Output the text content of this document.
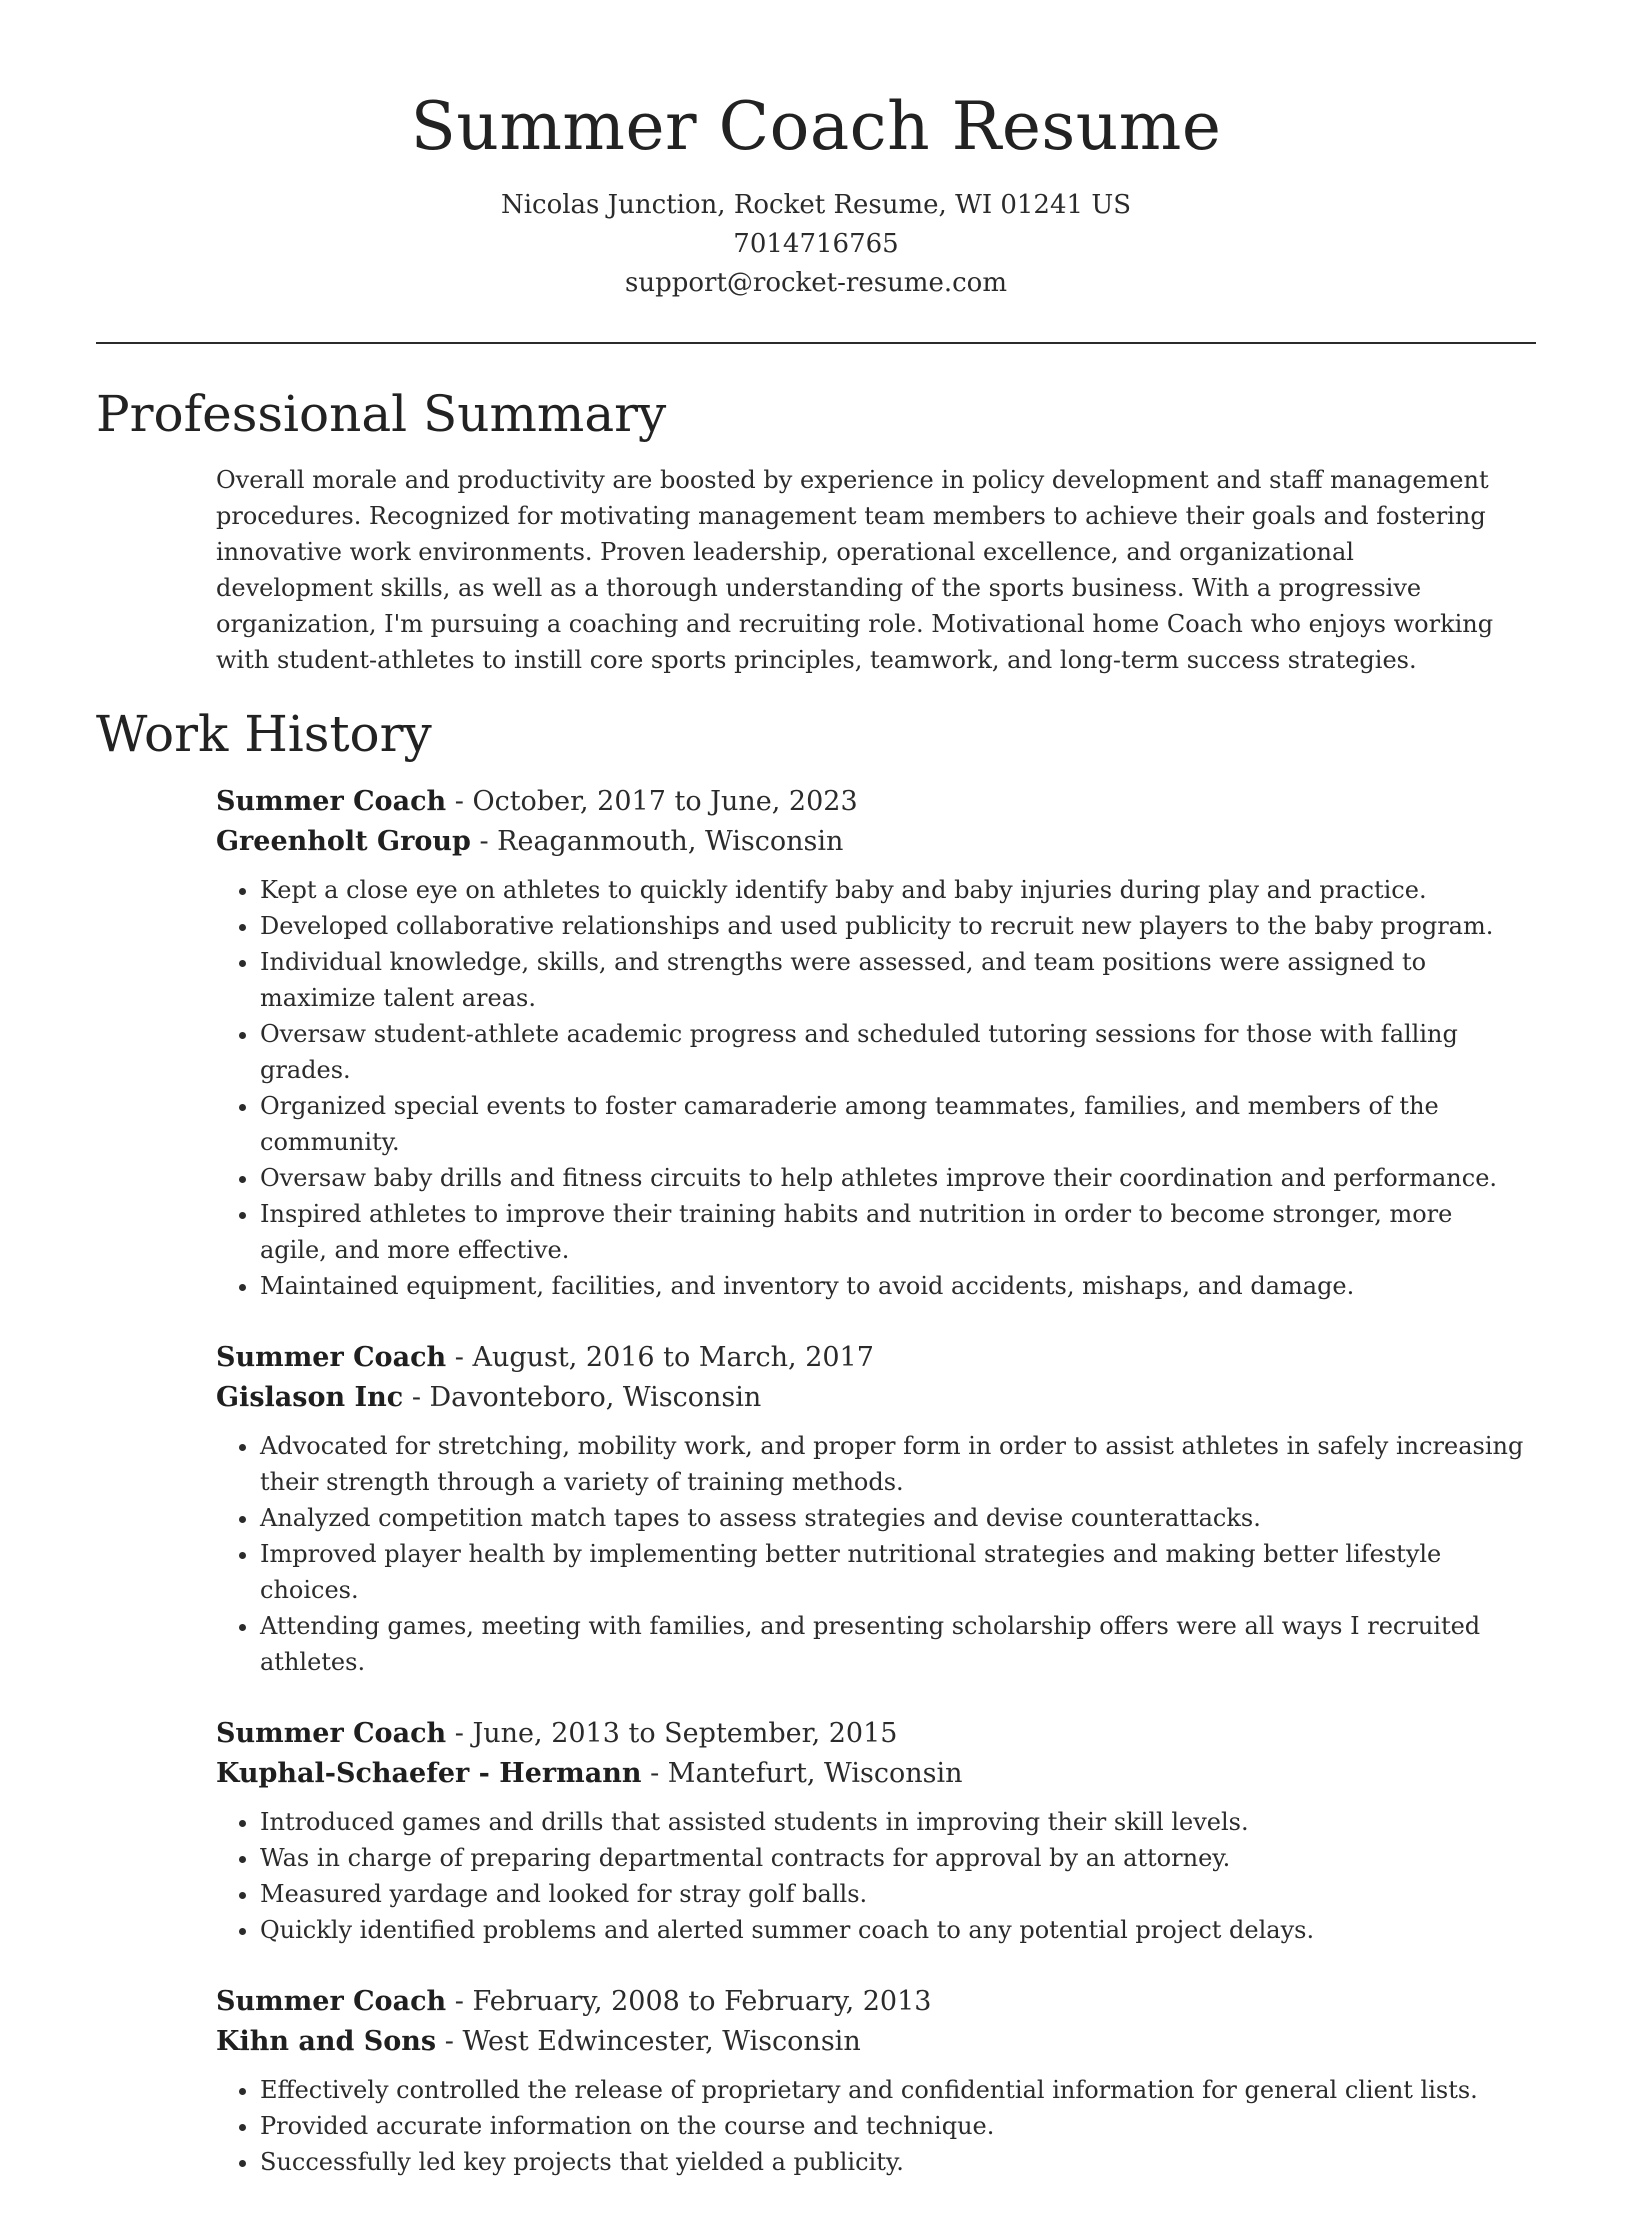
Summer Coach Resume
Nicolas Junction, Rocket Resume, WI 01241 US
7014716765
support@rocket-resume.com
Professional Summary
Overall morale and productivity are boosted by experience in policy development and staff management procedures. Recognized for motivating management team members to achieve their goals and fostering innovative work environments. Proven leadership, operational excellence, and organizational development skills, as well as a thorough understanding of the sports business. With a progressive organization, I'm pursuing a coaching and recruiting role. Motivational home Coach who enjoys working with student-athletes to instill core sports principles, teamwork, and long-term success strategies.
Work History
Summer Coach - October, 2017 to June, 2023
Greenholt Group - Reaganmouth, Wisconsin
• Kept a close eye on athletes to quickly identify baby and baby injuries during play and practice.
• Developed collaborative relationships and used publicity to recruit new players to the baby program.
• Individual knowledge, skills, and strengths were assessed, and team positions were assigned to maximize talent areas.
• Oversaw student-athlete academic progress and scheduled tutoring sessions for those with falling grades.
• Organized special events to foster camaraderie among teammates, families, and members of the community.
• Oversaw baby drills and fitness circuits to help athletes improve their coordination and performance.
• Inspired athletes to improve their training habits and nutrition in order to become stronger, more agile, and more effective.
• Maintained equipment, facilities, and inventory to avoid accidents, mishaps, and damage.
Summer Coach - August, 2016 to March, 2017
Gislason Inc - Davonteboro, Wisconsin
• Advocated for stretching, mobility work, and proper form in order to assist athletes in safely increasing their strength through a variety of training methods.
• Analyzed competition match tapes to assess strategies and devise counterattacks.
• Improved player health by implementing better nutritional strategies and making better lifestyle choices.
• Attending games, meeting with families, and presenting scholarship offers were all ways I recruited athletes.
Summer Coach - June, 2013 to September, 2015
Kuphal-Schaefer - Hermann - Mantefurt, Wisconsin
• Introduced games and drills that assisted students in improving their skill levels.
• Was in charge of preparing departmental contracts for approval by an attorney.
• Measured yardage and looked for stray golf balls.
• Quickly identified problems and alerted summer coach to any potential project delays.
Summer Coach - February, 2008 to February, 2013
Kihn and Sons - West Edwincester, Wisconsin
• Effectively controlled the release of proprietary and confidential information for general client lists.
• Provided accurate information on the course and technique.
• Successfully led key projects that yielded a publicity.
